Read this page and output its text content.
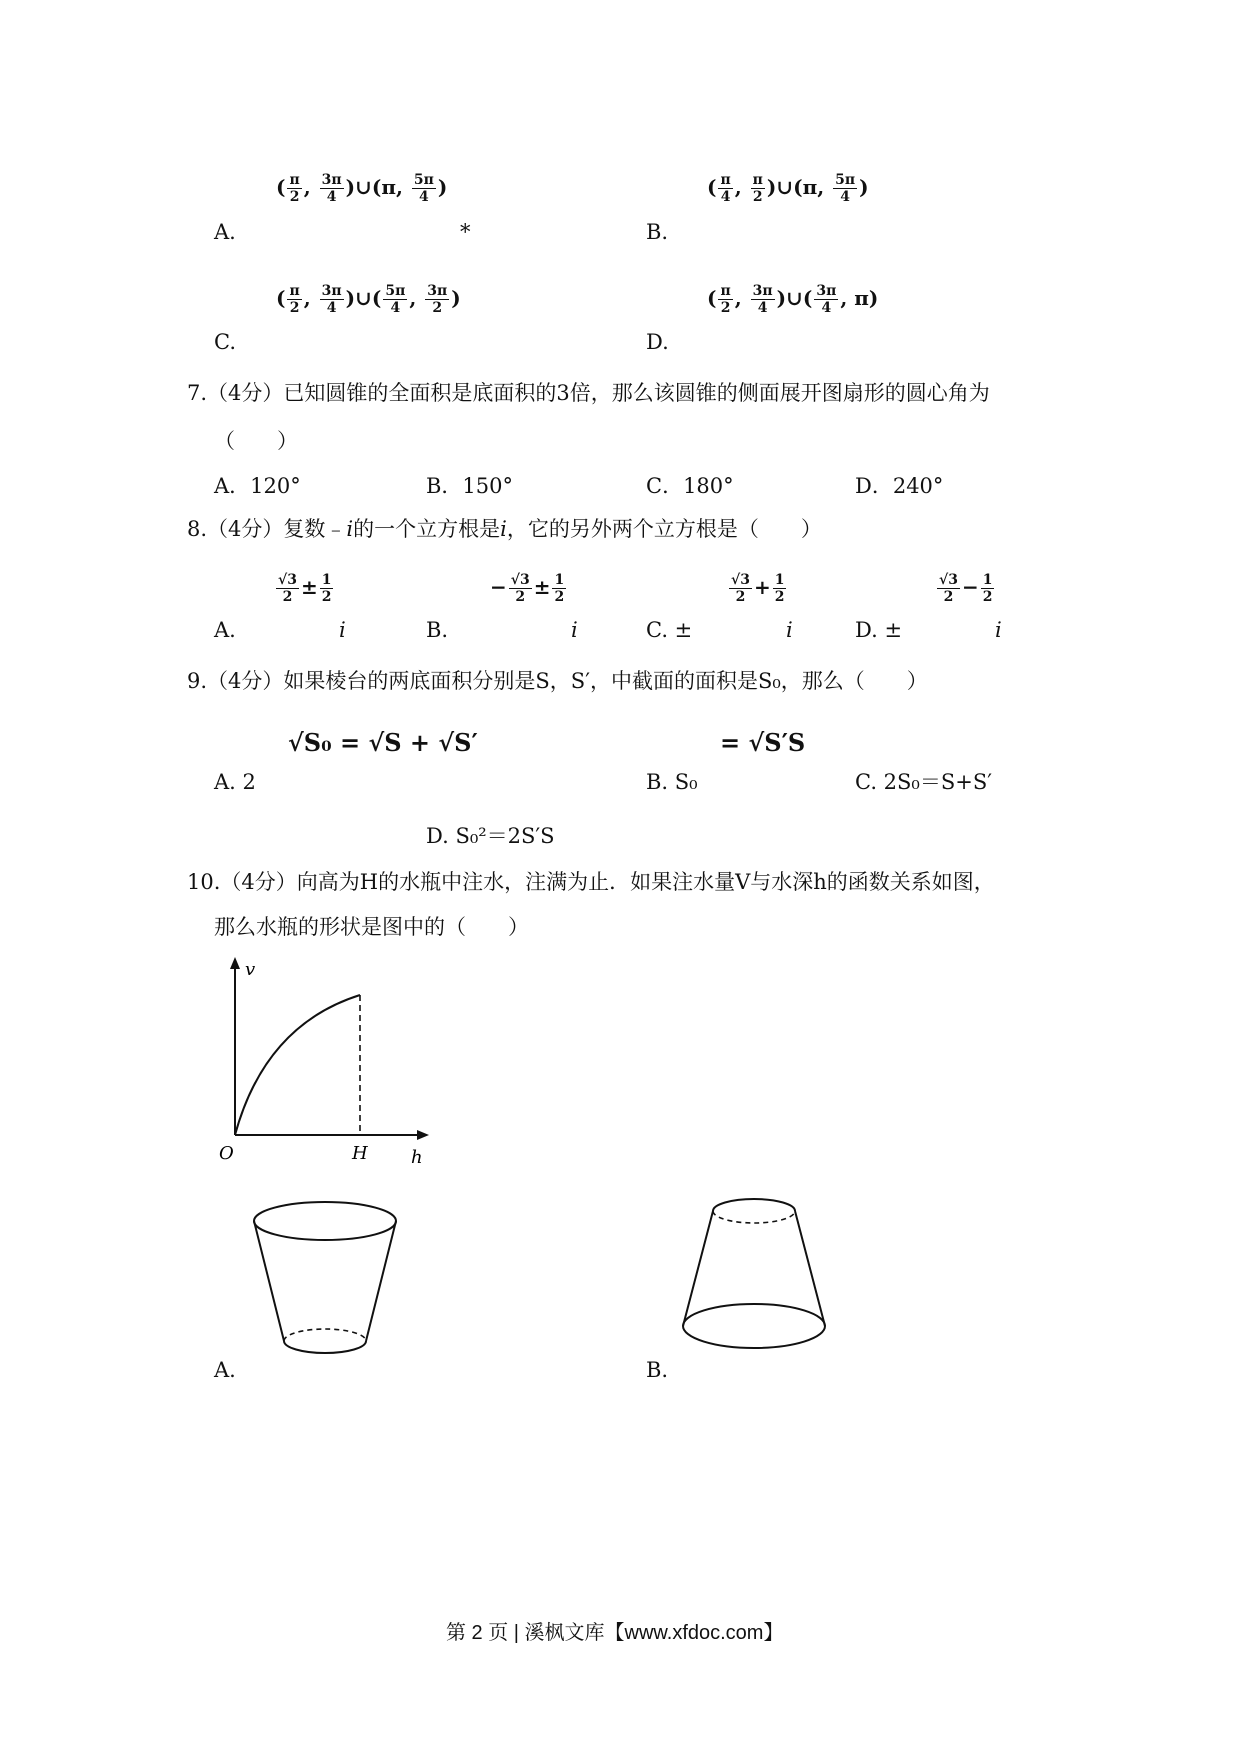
( $\frac{\pi}{2}$ , $\frac{3\pi}{4}$ )∪(π, $\frac{5\pi}{4}$ )
A.	*
( $\frac{\pi}{4}$ , $\frac{\pi}{2}$ )∪(π, $\frac{5\pi}{4}$ )
B.
( $\frac{\pi}{2}$ , $\frac{3\pi}{4}$ )∪( $\frac{5\pi}{4}$ , $\frac{3\pi}{2}$ )
C.
( $\frac{\pi}{2}$ , $\frac{3\pi}{4}$ )∪( $\frac{3\pi}{4}$ , π)
D.
7.（4分）已知圆锥的全面积是底面积的3倍，那么该圆锥的侧面展开图扇形的圆心角为
（　　）
A．120°	B．150°	C．180°	D．240°
8.（4分）复数﹣i的一个立方根是i，它的另外两个立方根是（　　）
$\frac{√3}{2} \pm \frac{1}{2}$	− $\frac{√3}{2} \pm \frac{1}{2}$	$\frac{√3}{2} + \frac{1}{2}$	$\frac{√3}{2} - \frac{1}{2}$
A.	i	B.	i	C. ±	i	D. ±	i
9.（4分）如果棱台的两底面积分别是S，S′，中截面的面积是S₀，那么（　　）
√S₀ = √S + √S′
A. 2
= √S′S
B. S₀	C. 2S₀＝S+S′
D. S₀²＝2S′S
10.（4分）向高为H的水瓶中注水，注满为止．如果注水量V与水深h的函数关系如图，
那么水瓶的形状是图中的（　　）
v
O	H h
A.	B.
第 2 页 | 溪枫文库【www.xfdoc.com】
